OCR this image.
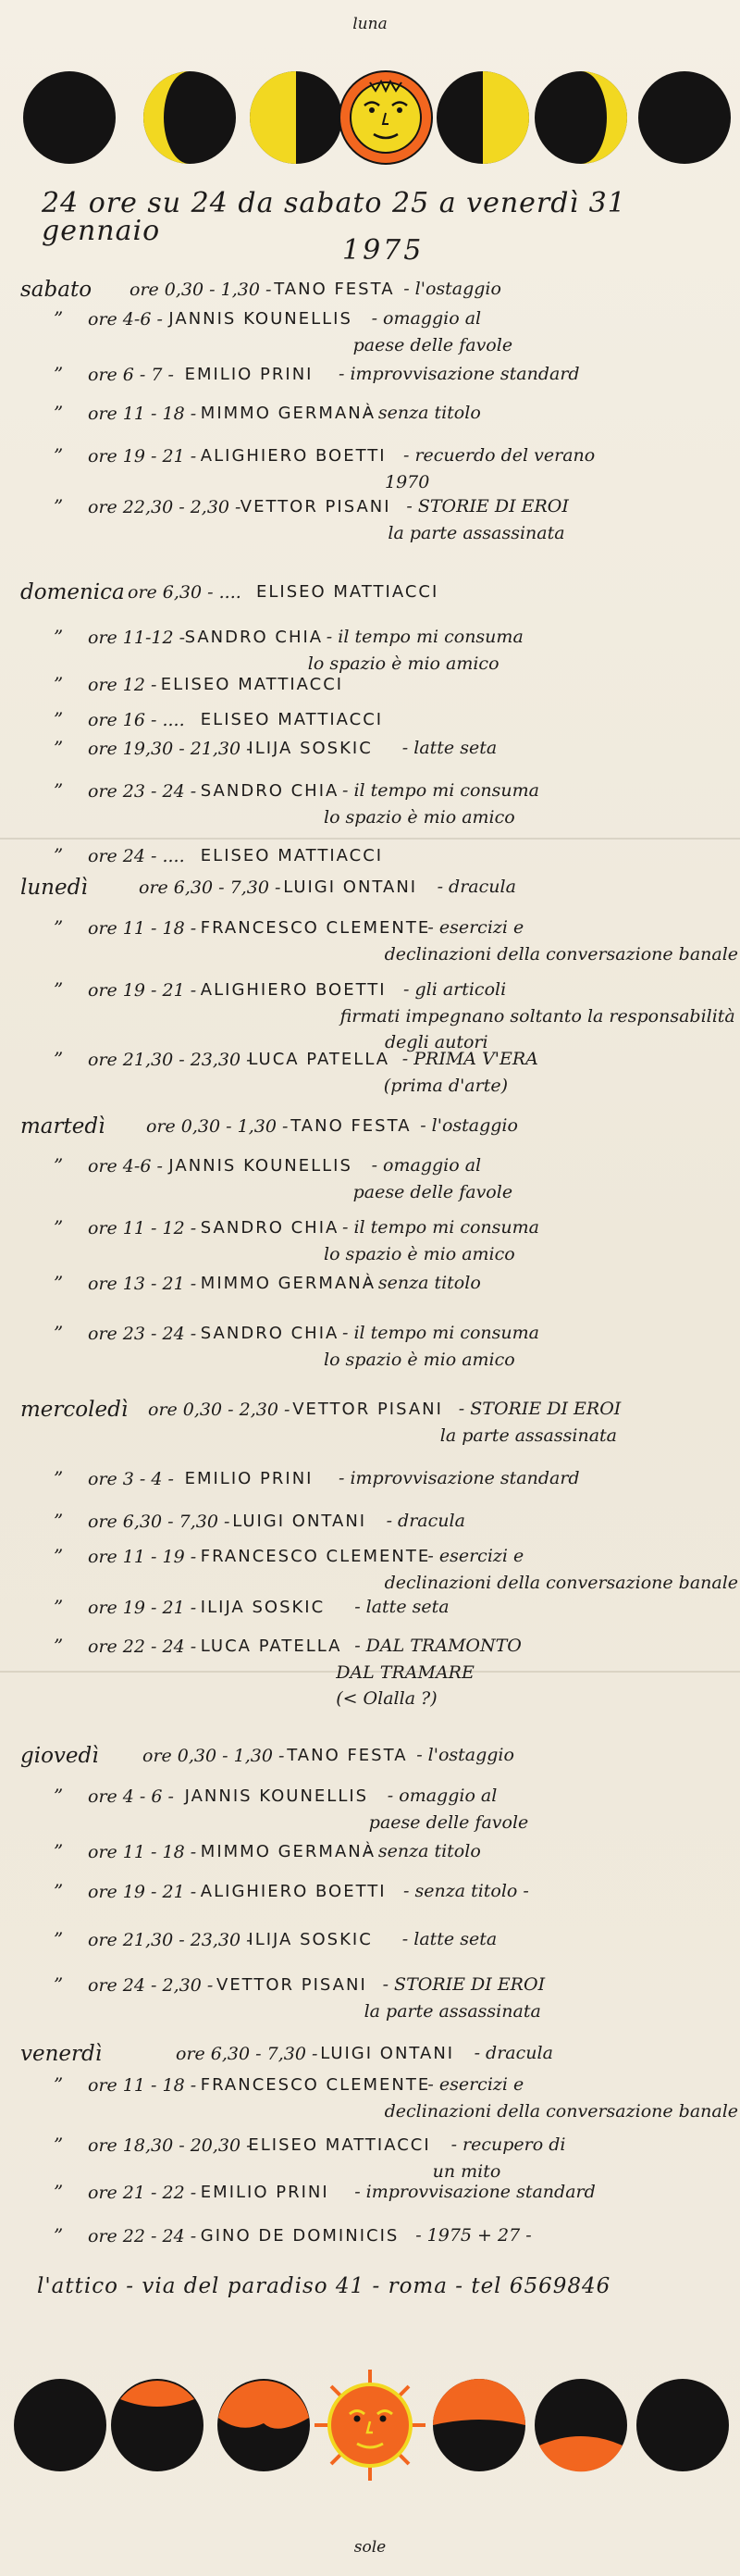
luna
24 ore su 24 da sabato 25 a venerdì 31 gennaio
1975
sabato ore 0,30 - 1,30 - TANO FESTA - l'ostaggio
” ore 4-6 - JANNIS KOUNELLIS - omaggio al
paese delle favole
” ore 6 - 7 - EMILIO PRINI - improvvisazione standard
” ore 11 - 18 - MIMMO GERMANÀ
- senza titolo
” ore 19 - 21 - ALIGHIERO BOETTI - recuerdo del verano
1970
” ore 22,30 - 2,30 - VETTOR PISANI - STORIE DI EROI
la parte assassinata
domenica ore 6,30 - .... ELISEO MATTIACCI
” ore 11-12 - SANDRO CHIA - il tempo mi consuma
lo spazio è mio amico
” ore 12 - ELISEO MATTIACCI
” ore 16 - .... ELISEO MATTIACCI
” ore 19,30 - 21,30 -
ILIJA SOSKIC - latte seta
” ore 23 - 24 - SANDRO CHIA - il tempo mi consuma
lo spazio è mio amico
” ore 24 - .... ELISEO MATTIACCI
lunedì	ore 6,30 - 7,30 - LUIGI ONTANI - dracula
” ore 11 - 18 - FRANCESCO CLEMENTE
- esercizi e
declinazioni della conversazione banale
” ore 19 - 21 - ALIGHIERO BOETTI - gli articoli
firmati impegnano soltanto la responsabilità
degli autori
” ore 21,30 - 23,30 -
LUCA PATELLA - PRIMA V'ERA
(prima d'arte)
martedì ore 0,30 - 1,30 - TANO FESTA - l'ostaggio
” ore 4-6 - JANNIS KOUNELLIS - omaggio al
paese delle favole
” ore 11 - 12 - SANDRO CHIA - il tempo mi consuma
lo spazio è mio amico
” ore 13 - 21 - MIMMO GERMANÀ
- senza titolo
” ore 23 - 24 - SANDRO CHIA - il tempo mi consuma
lo spazio è mio amico
mercoledì ore 0,30 - 2,30 - VETTOR PISANI - STORIE DI EROI
la parte assassinata
” ore 3 - 4 - EMILIO PRINI - improvvisazione standard
” ore 6,30 - 7,30 - LUIGI ONTANI - dracula
” ore 11 - 19 - FRANCESCO CLEMENTE
- esercizi e
declinazioni della conversazione banale
” ore 19 - 21 - ILIJA SOSKIC - latte seta
” ore 22 - 24 - LUCA PATELLA - DAL TRAMONTO
DAL TRAMARE
(< Olalla ?)
giovedì ore 0,30 - 1,30 - TANO FESTA - l'ostaggio
” ore 4 - 6 - JANNIS KOUNELLIS - omaggio al
paese delle favole
” ore 11 - 18 - MIMMO GERMANÀ
- senza titolo
” ore 19 - 21 - ALIGHIERO BOETTI - senza titolo -
” ore 21,30 - 23,30 -
ILIJA SOSKIC - latte seta
” ore 24 - 2,30 - VETTOR PISANI - STORIE DI EROI
la parte assassinata
venerdì	ore 6,30 - 7,30 - LUIGI ONTANI - dracula
” ore 11 - 18 - FRANCESCO CLEMENTE
- esercizi e
declinazioni della conversazione banale
” ore 18,30 - 20,30 -
ELISEO MATTIACCI - recupero di
un mito
” ore 21 - 22 - EMILIO PRINI - improvvisazione standard
” ore 22 - 24 - GINO DE DOMINICIS - 1975 + 27 -
l'attico - via del paradiso 41 - roma - tel 6569846
sole
